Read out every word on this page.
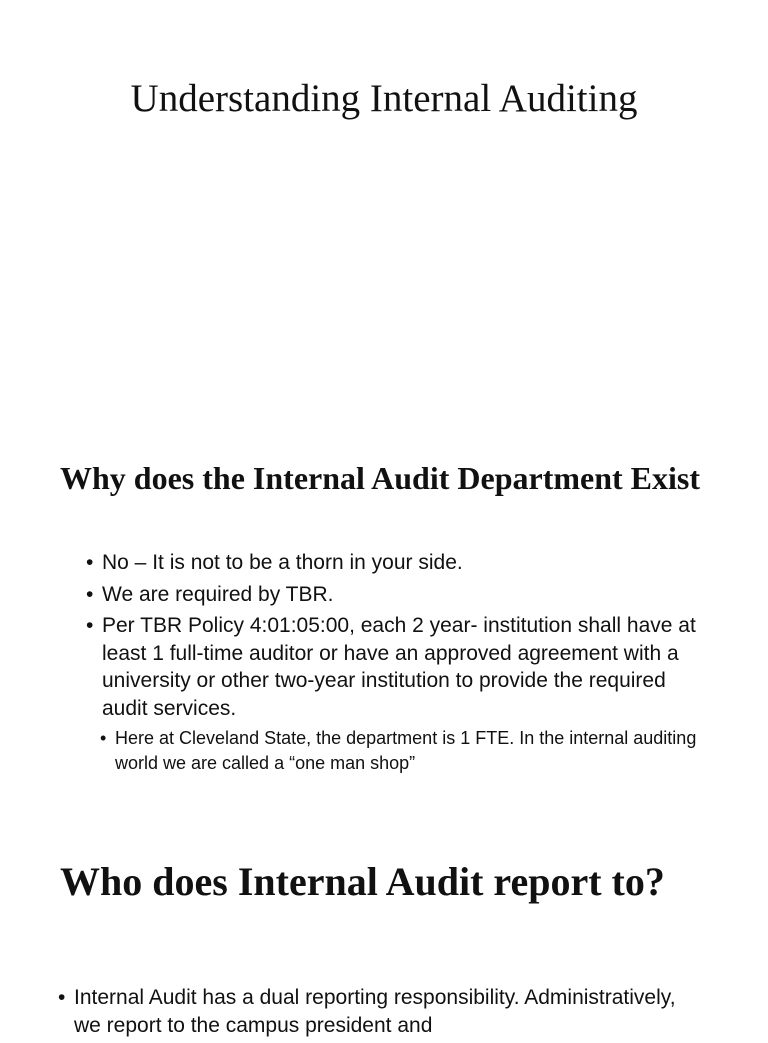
Understanding Internal Auditing
Why does the Internal Audit Department Exist
• No – It is not to be a thorn in your side.
• We are required by TBR.
• Per TBR Policy 4:01:05:00, each 2 year- institution shall have at least 1 full-time auditor or have an approved agreement with a university or other two-year institution to provide the required audit services.
• Here at Cleveland State, the department is 1 FTE. In the internal auditing world we are called a “one man shop”
Who does Internal Audit report to?
• Internal Audit has a dual reporting responsibility. Administratively, we report to the campus president and
